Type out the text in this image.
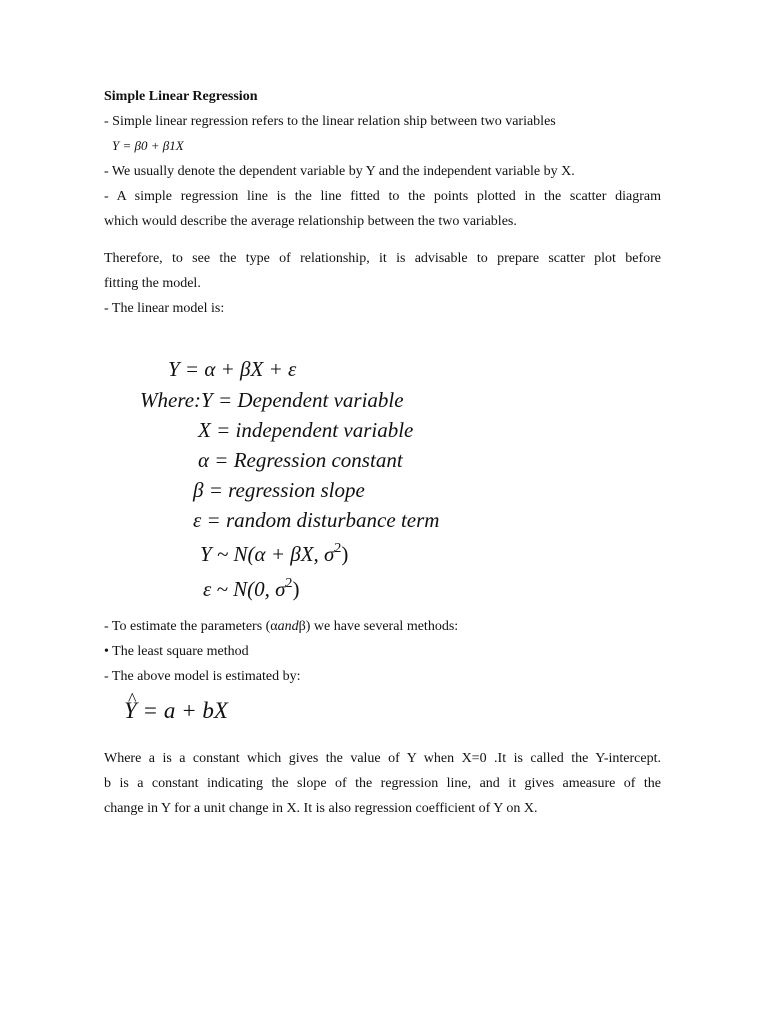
Simple Linear Regression
- Simple linear regression refers to the linear relation ship between two variables
Y = β0 + β1X
- We usually denote the dependent variable by Y and the independent variable by X.
- A simple regression line is the line fitted to the points plotted in the scatter diagram
which would describe the average relationship between the two variables.
Therefore, to see the type of relationship, it is advisable to prepare scatter plot before
fitting the model.
- The linear model is:
Y = α + βX + ε
Where:Y = Dependent variable
X = independent variable
α = Regression constant
β = regression slope
ε = random disturbance term
Y ~ N(α + βX, $\sigma^2$)
ε ~ N(0, $\sigma^2$)
- To estimate the parameters (αandβ) we have several methods:
• The least square method
- The above model is estimated by:
^ Y = a + bX
Where a is a constant which gives the value of Y when X=0 .It is called the Y-intercept.
b is a constant indicating the slope of the regression line, and it gives ameasure of the
change in Y for a unit change in X. It is also regression coefficient of Y on X.
